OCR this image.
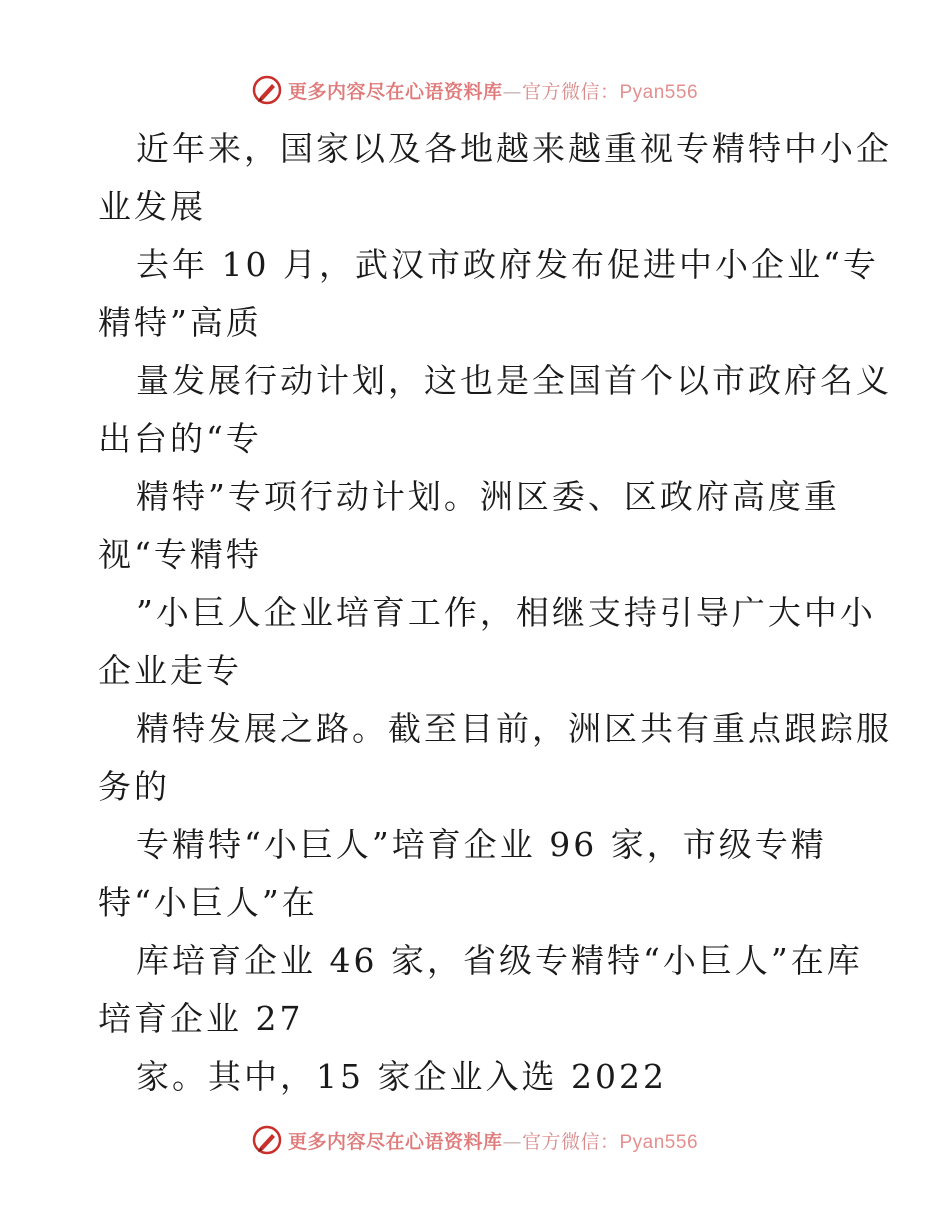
更多内容尽在心语资料库—官方微信：Pyan556
近年来，国家以及各地越来越重视专精特中小企
业发展
去年 10 月，武汉市政府发布促进中小企业“专
精特”高质
量发展行动计划，这也是全国首个以市政府名义
出台的“专
精特”专项行动计划。洲区委、区政府高度重
视“专精特
”小巨人企业培育工作，相继支持引导广大中小
企业走专
精特发展之路。截至目前，洲区共有重点跟踪服
务的
专精特“小巨人”培育企业 96 家，市级专精
特“小巨人”在
库培育企业 46 家，省级专精特“小巨人”在库
培育企业 27
家。其中，15 家企业入选 2022
更多内容尽在心语资料库—官方微信：Pyan556
